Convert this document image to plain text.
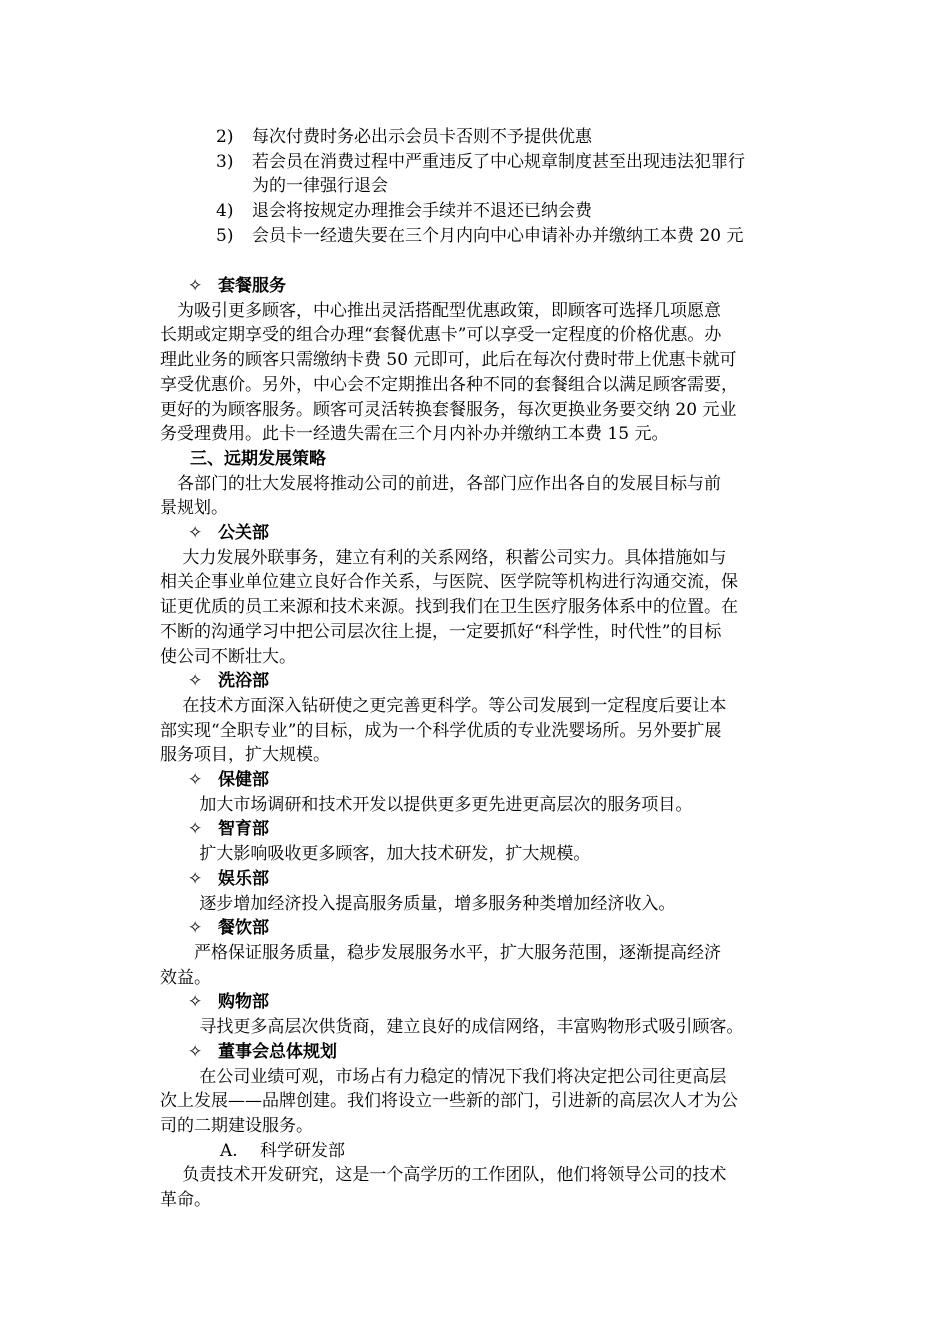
2) 每次付费时务必出示会员卡否则不予提供优惠
3) 若会员在消费过程中严重违反了中心规章制度甚至出现违法犯罪行
为的一律强行退会
4) 退会将按规定办理推会手续并不退还已纳会费
5) 会员卡一经遗失要在三个月内向中心申请补办并缴纳工本费 20 元
✧ 套餐服务
　为吸引更多顾客，中心推出灵活搭配型优惠政策，即顾客可选择几项愿意
长期或定期享受的组合办理“套餐优惠卡”可以享受一定程度的价格优惠。办
理此业务的顾客只需缴纳卡费 50 元即可，此后在每次付费时带上优惠卡就可
享受优惠价。另外，中心会不定期推出各种不同的套餐组合以满足顾客需要，
更好的为顾客服务。顾客可灵活转换套餐服务，每次更换业务要交纳 20 元业
务受理费用。此卡一经遗失需在三个月内补办并缴纳工本费 15 元。
三、远期发展策略
　各部门的壮大发展将推动公司的前进，各部门应作出各自的发展目标与前
景规划。
✧ 公关部
　 大力发展外联事务，建立有利的关系网络，积蓄公司实力。具体措施如与
相关企事业单位建立良好合作关系，与医院、医学院等机构进行沟通交流，保
证更优质的员工来源和技术来源。找到我们在卫生医疗服务体系中的位置。在
不断的沟通学习中把公司层次往上提，一定要抓好“科学性，时代性”的目标
使公司不断壮大。
✧ 洗浴部
　 在技术方面深入钻研使之更完善更科学。等公司发展到一定程度后要让本
部实现“全职专业”的目标，成为一个科学优质的专业洗婴场所。另外要扩展
服务项目，扩大规模。
✧ 保健部
　　 加大市场调研和技术开发以提供更多更先进更高层次的服务项目。
✧ 智育部
　　 扩大影响吸收更多顾客，加大技术研发，扩大规模。
✧ 娱乐部
　　 逐步增加经济投入提高服务质量，增多服务种类增加经济收入。
✧ 餐饮部
　　严格保证服务质量，稳步发展服务水平，扩大服务范围，逐渐提高经济
效益。
✧ 购物部
　　 寻找更多高层次供货商，建立良好的成信网络，丰富购物形式吸引顾客。
✧ 董事会总体规划
　　 在公司业绩可观，市场占有力稳定的情况下我们将决定把公司往更高层
次上发展——品牌创建。我们将设立一些新的部门，引进新的高层次人才为公
司的二期建设服务。
A. 科学研发部
　 负责技术开发研究，这是一个高学历的工作团队，他们将领导公司的技术
革命。
